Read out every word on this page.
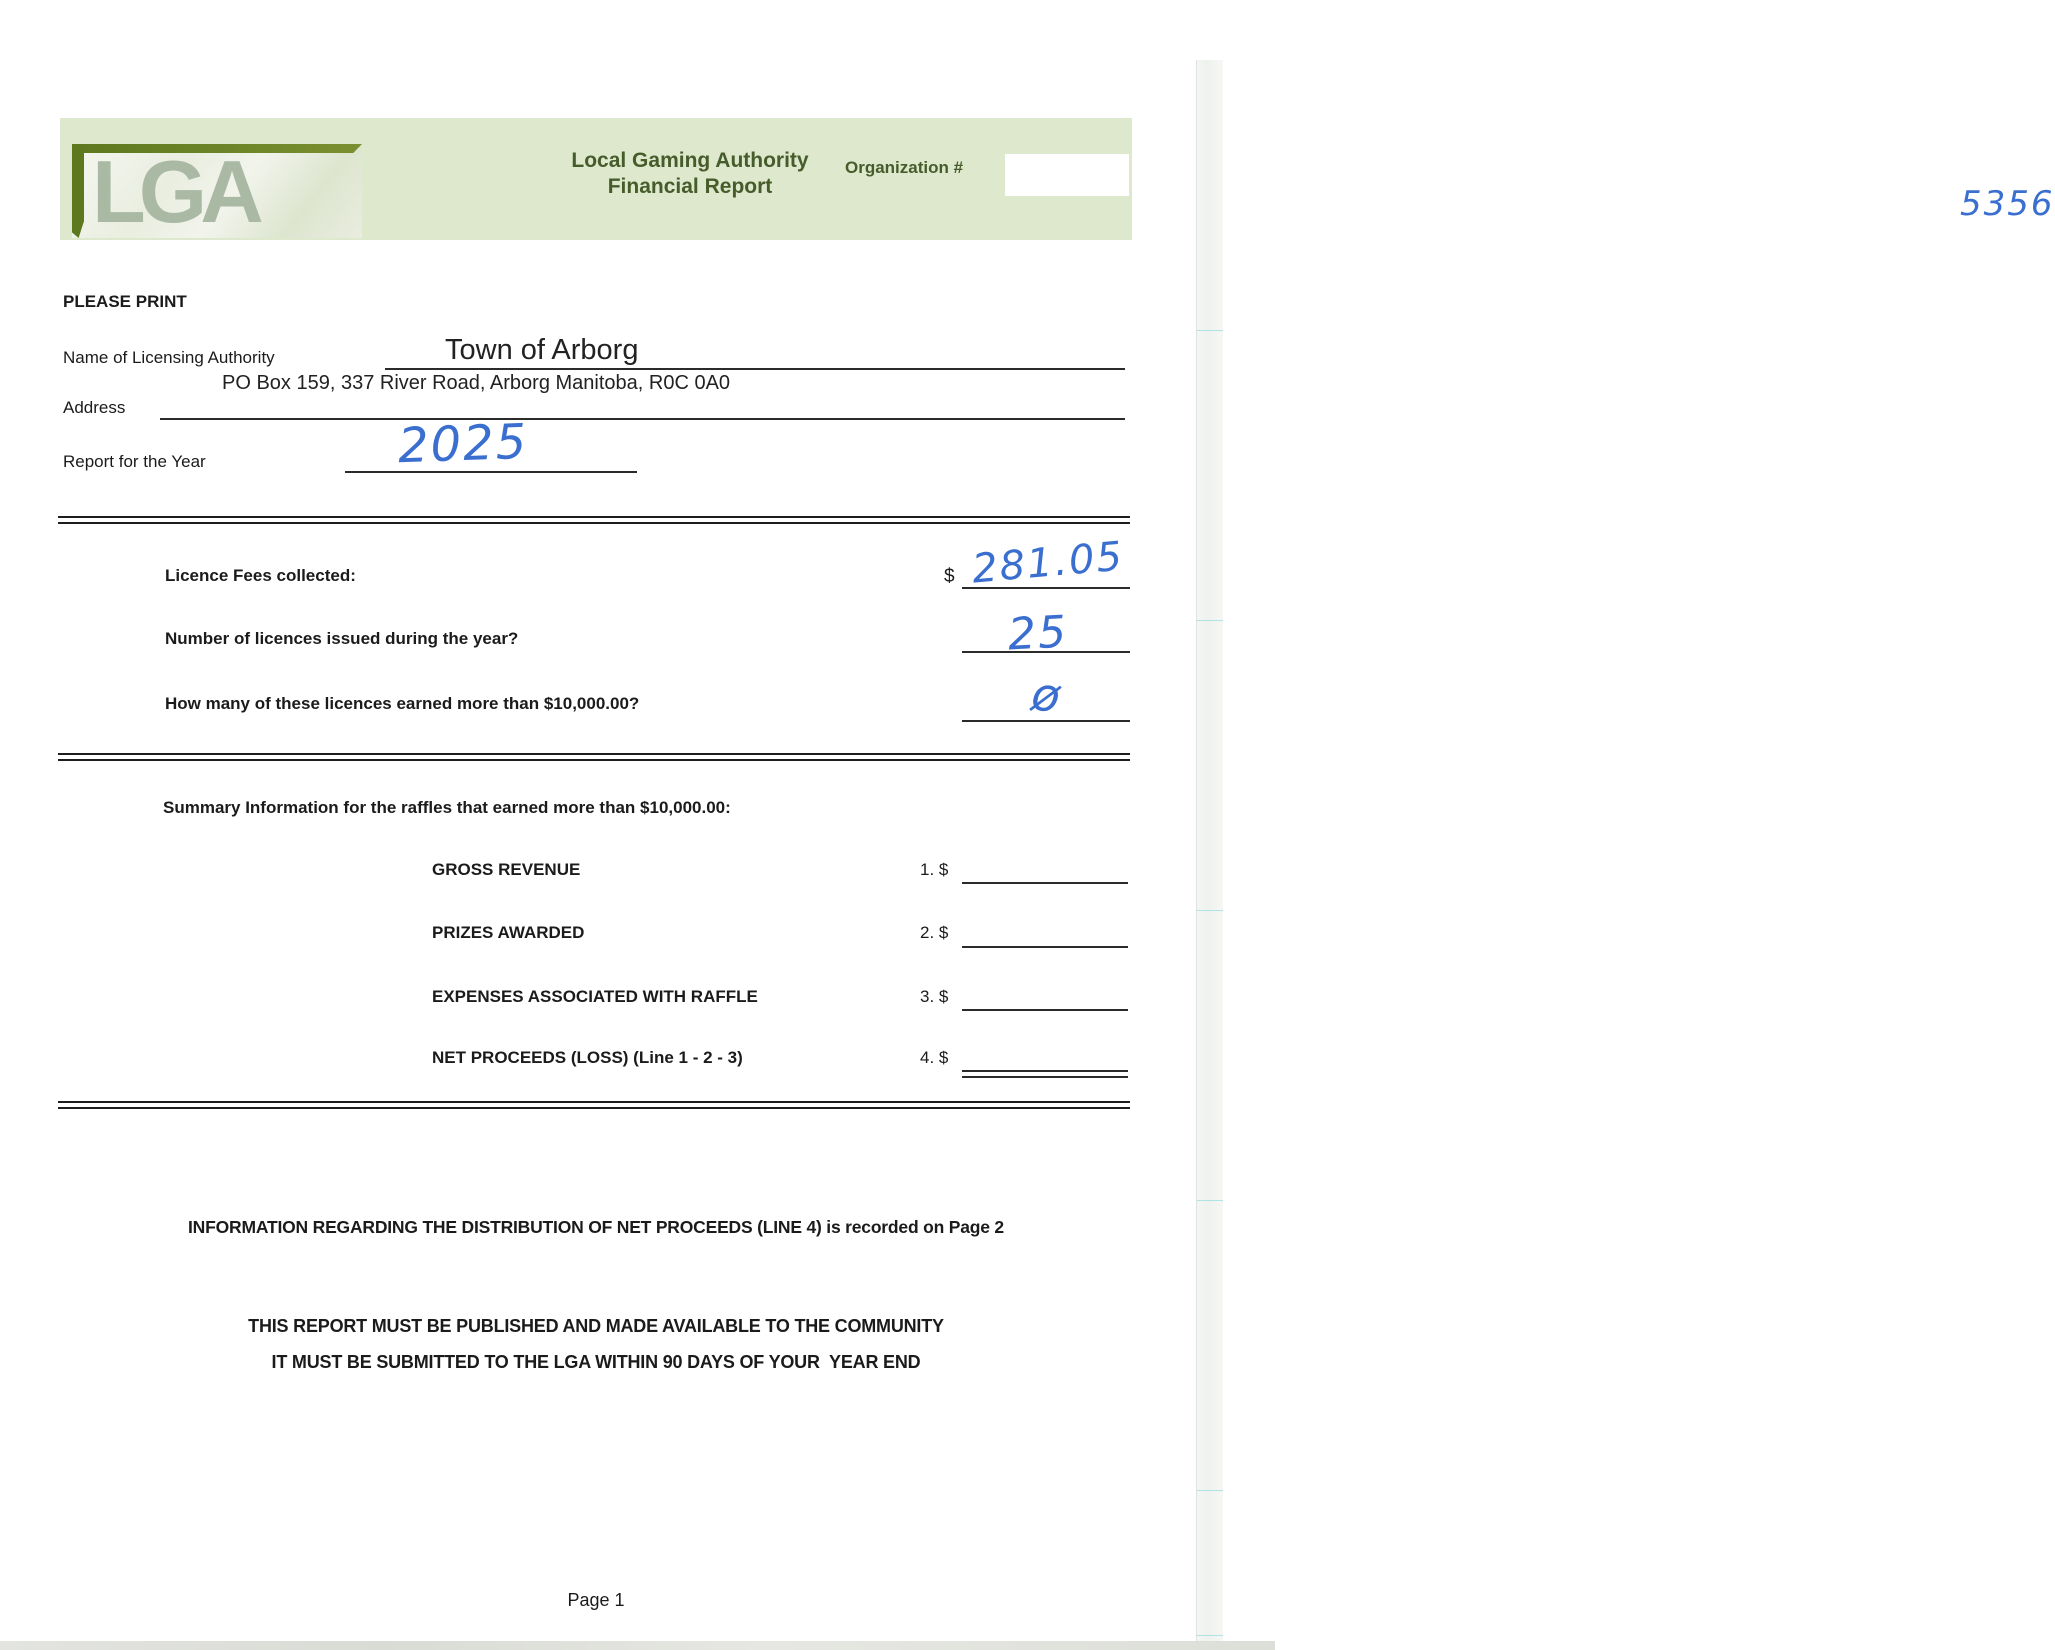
LGA	Local Gaming Authority
Financial Report
Organization #
5356
PLEASE PRINT
Name of Licensing Authority	Town of Arborg
Address
PO Box 159, 337 River Road, Arborg Manitoba, R0C 0A0
Report for the Year	2025
Licence Fees collected:	$ 281.05
Number of licences issued during the year?	25
How many of these licences earned more than $10,000.00?	ø
Summary Information for the raffles that earned more than $10,000.00:
GROSS REVENUE	1. $
PRIZES AWARDED	2. $
EXPENSES ASSOCIATED WITH RAFFLE	3. $
NET PROCEEDS (LOSS) (Line 1 - 2 - 3)	4. $
INFORMATION REGARDING THE DISTRIBUTION OF NET PROCEEDS (LINE 4) is recorded on Page 2
THIS REPORT MUST BE PUBLISHED AND MADE AVAILABLE TO THE COMMUNITY
IT MUST BE SUBMITTED TO THE LGA WITHIN 90 DAYS OF YOUR  YEAR END
Page 1
